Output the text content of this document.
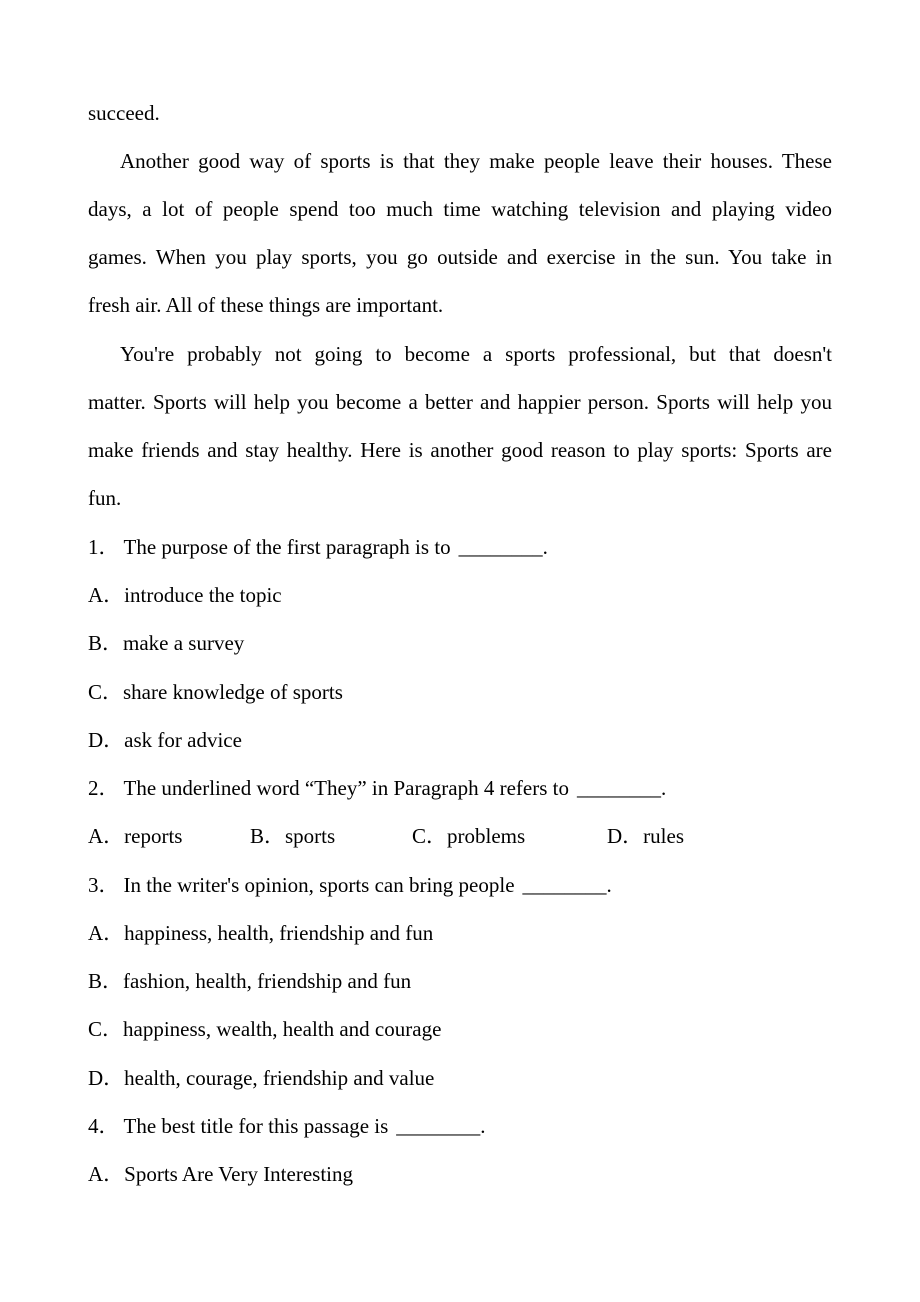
succeed.
Another good way of sports is that they make people leave their houses. These
days, a lot of people spend too much time watching television and playing video
games. When you play sports, you go outside and exercise in the sun. You take in
fresh air. All of these things are important.
You're probably not going to become a sports professional, but that doesn't
matter. Sports will help you become a better and happier person. Sports will help you
make friends and stay healthy. Here is another good reason to play sports: Sports are
fun.
1． The purpose of the first paragraph is to ________.
A．introduce the topic
B．make a survey
C．share knowledge of sports
D．ask for advice
2． The underlined word “They” in Paragraph 4 refers to ________.
A．reports	B．sports	C．problems	D．rules
3． In the writer's opinion, sports can bring people ________.
A．happiness, health, friendship and fun
B．fashion, health, friendship and fun
C．happiness, wealth, health and courage
D．health, courage, friendship and value
4． The best title for this passage is ________.
A．Sports Are Very Interesting
